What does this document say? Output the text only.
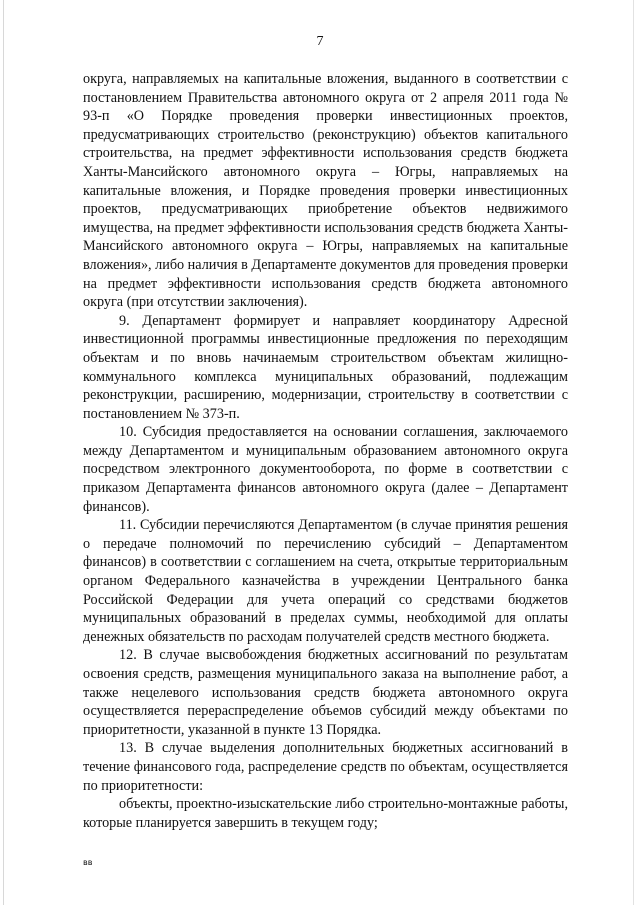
7

округа, направляемых на капитальные вложения, выданного в соответствии с постановлением Правительства автономного округа от 2 апреля 2011 года № 93-п «О Порядке проведения проверки инвестиционных проектов, предусматривающих строительство (реконструкцию) объектов капитального строительства, на предмет эффективности использования средств бюджета Ханты-Мансийского автономного округа – Югры, направляемых на капитальные вложения, и Порядке проведения проверки инвестиционных проектов, предусматривающих приобретение объектов недвижимого имущества, на предмет эффективности использования средств бюджета Ханты-Мансийского автономного округа – Югры, направляемых на капитальные вложения», либо наличия в Департаменте документов для проведения проверки на предмет эффективности использования средств бюджета автономного округа (при отсутствии заключения).

9. Департамент формирует и направляет координатору Адресной инвестиционной программы инвестиционные предложения по переходящим объектам и по вновь начинаемым строительством объектам жилищно-коммунального комплекса муниципальных образований, подлежащим реконструкции, расширению, модернизации, строительству в соответствии с постановлением № 373-п.

10. Субсидия предоставляется на основании соглашения, заключаемого между Департаментом и муниципальным образованием автономного округа посредством электронного документооборота, по форме в соответствии с приказом Департамента финансов автономного округа (далее – Департамент финансов).

11. Субсидии перечисляются Департаментом (в случае принятия решения о передаче полномочий по перечислению субсидий – Департаментом финансов) в соответствии с соглашением на счета, открытые территориальным органом Федерального казначейства в учреждении Центрального банка Российской Федерации для учета операций со средствами бюджетов муниципальных образований в пределах суммы, необходимой для оплаты денежных обязательств по расходам получателей средств местного бюджета.

12. В случае высвобождения бюджетных ассигнований по результатам освоения средств, размещения муниципального заказа на выполнение работ, а также нецелевого использования средств бюджета автономного округа осуществляется перераспределение объемов субсидий между объектами по приоритетности, указанной в пункте 13 Порядка.

13. В случае выделения дополнительных бюджетных ассигнований в течение финансового года, распределение средств по объектам, осуществляется по приоритетности:

объекты, проектно-изыскательские либо строительно-монтажные работы, которые планируется завершить в текущем году;

вв
